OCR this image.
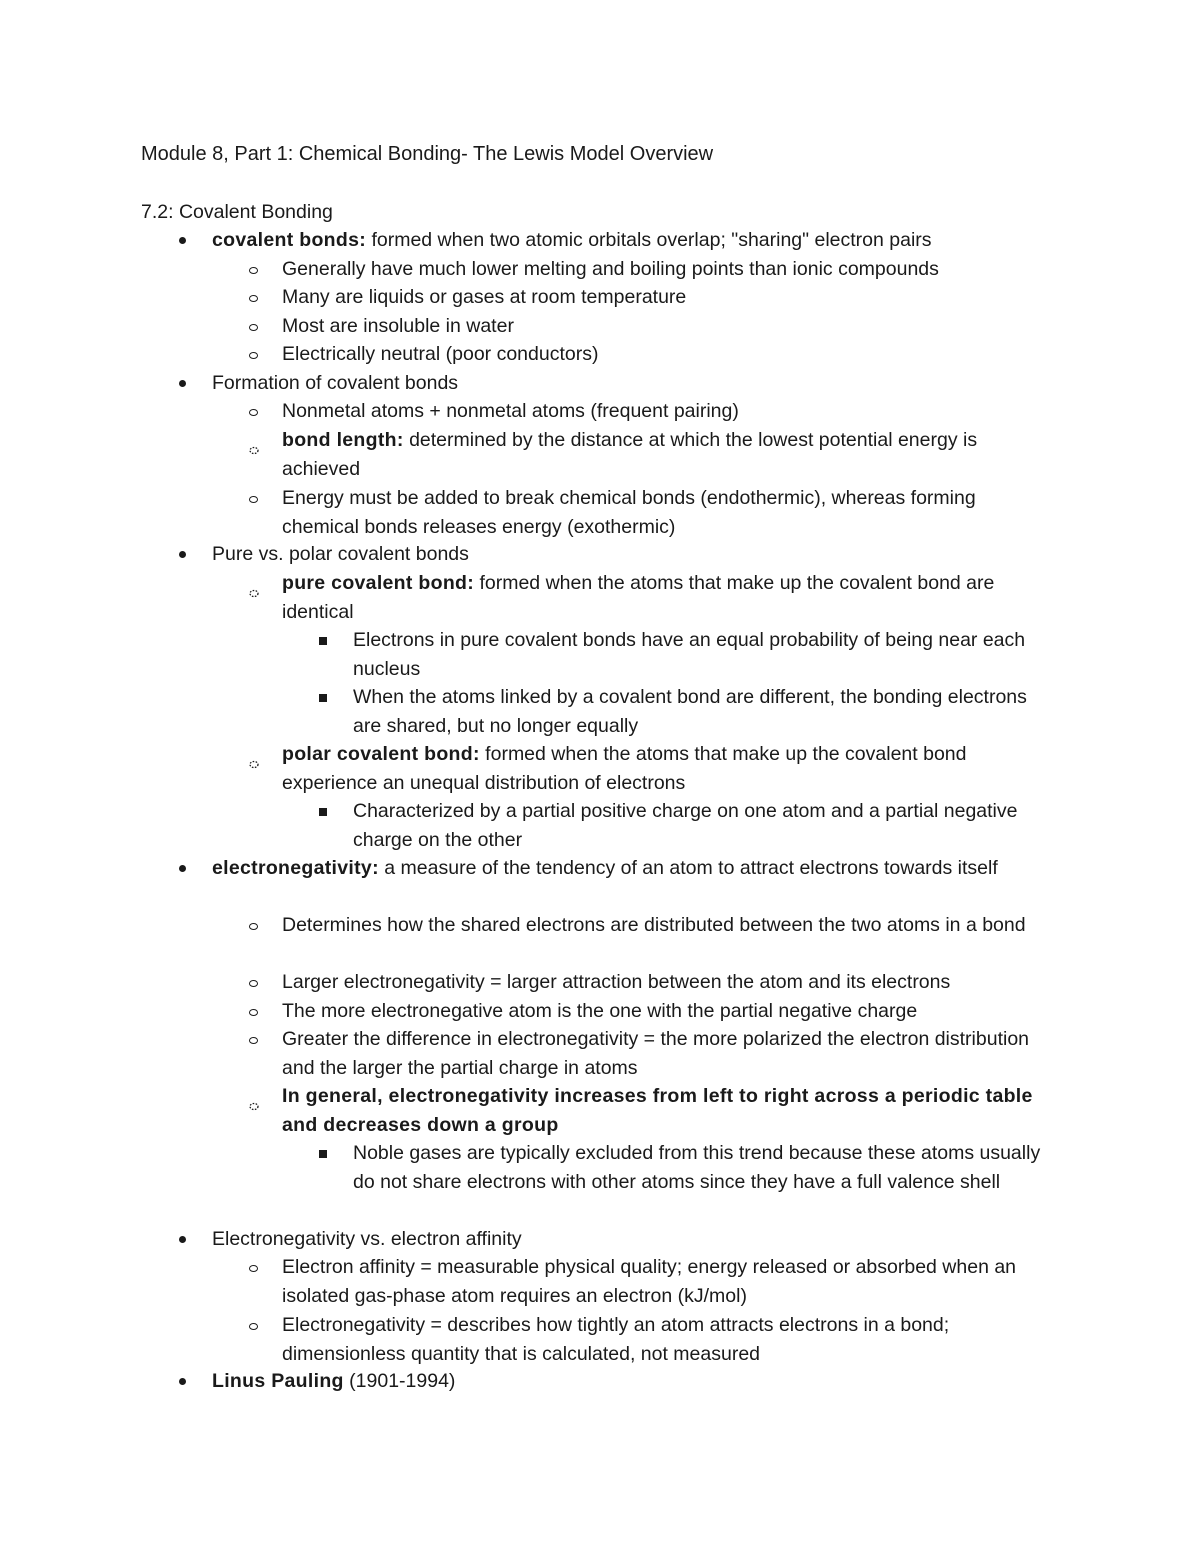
Module 8, Part 1: Chemical Bonding- The Lewis Model Overview

7.2: Covalent Bonding

covalent bonds: formed when two atomic orbitals overlap; "sharing" electron pairs

Generally have much lower melting and boiling points than ionic compounds

Many are liquids or gases at room temperature

Most are insoluble in water

Electrically neutral (poor conductors)

Formation of covalent bonds

Nonmetal atoms + nonmetal atoms (frequent pairing)

bond length: determined by the distance at which the lowest potential energy is achieved

Energy must be added to break chemical bonds (endothermic), whereas forming chemical bonds releases energy (exothermic)

Pure vs. polar covalent bonds

pure covalent bond: formed when the atoms that make up the covalent bond are identical

Electrons in pure covalent bonds have an equal probability of being near each nucleus

When the atoms linked by a covalent bond are different, the bonding electrons are shared, but no longer equally

polar covalent bond: formed when the atoms that make up the covalent bond experience an unequal distribution of electrons

Characterized by a partial positive charge on one atom and a partial negative charge on the other

electronegativity: a measure of the tendency of an atom to attract electrons towards itself

Determines how the shared electrons are distributed between the two atoms in a bond

Larger electronegativity = larger attraction between the atom and its electrons

The more electronegative atom is the one with the partial negative charge

Greater the difference in electronegativity = the more polarized the electron distribution and the larger the partial charge in atoms

In general, electronegativity increases from left to right across a periodic table and decreases down a group

Noble gases are typically excluded from this trend because these atoms usually do not share electrons with other atoms since they have a full valence shell

Electronegativity vs. electron affinity

Electron affinity = measurable physical quality; energy released or absorbed when an isolated gas-phase atom requires an electron (kJ/mol)

Electronegativity = describes how tightly an atom attracts electrons in a bond; dimensionless quantity that is calculated, not measured

Linus Pauling (1901-1994)
